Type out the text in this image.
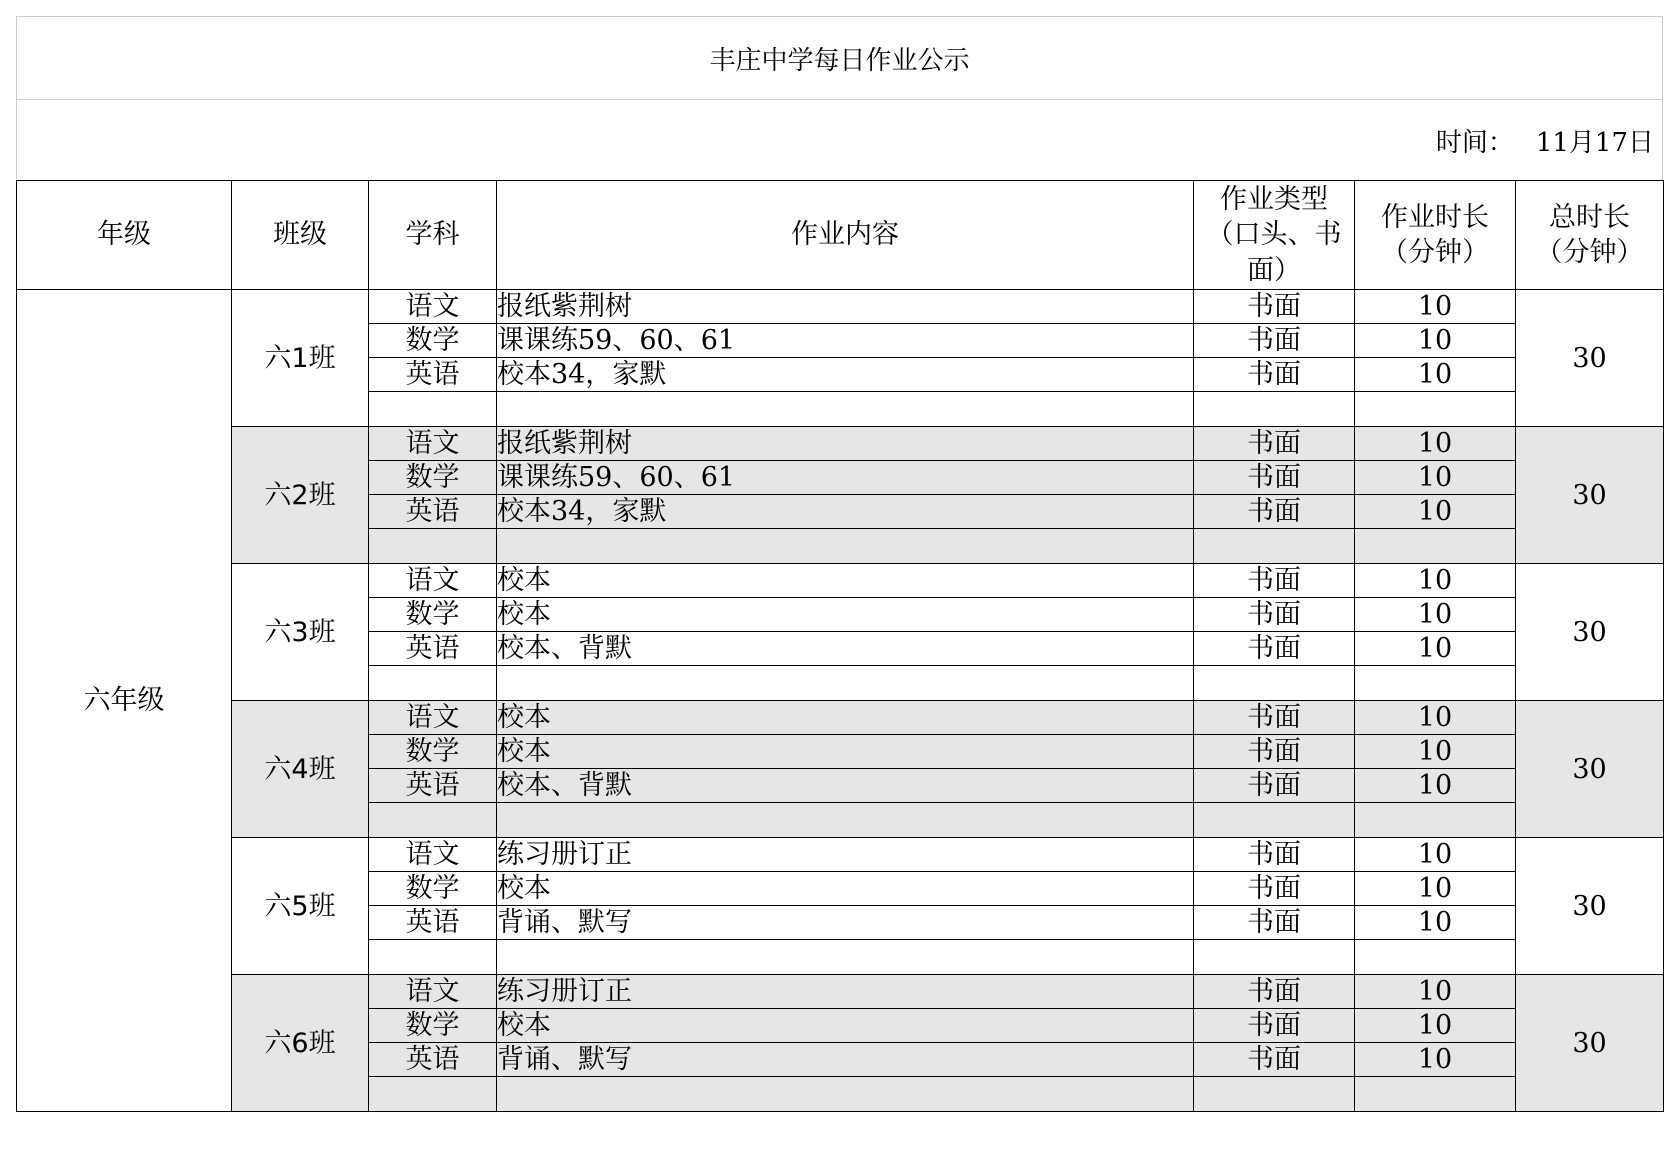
丰庄中学每日作业公示
时间： 11月17日
年级	班级	学科	作业内容	作业类型（口头、书面）	作业时长（分钟）	总时长（分钟）
六年级	六1班	语文	报纸紫荆树	书面	10	30
		数学	课课练59、60、61	书面	10	
		英语	校本34，家默	书面	10	

	六2班	语文	报纸紫荆树	书面	10	30
		数学	课课练59、60、61	书面	10	
		英语	校本34，家默	书面	10	

	六3班	语文	校本	书面	10	30
		数学	校本	书面	10	
		英语	校本、背默	书面	10	

	六4班	语文	校本	书面	10	30
		数学	校本	书面	10	
		英语	校本、背默	书面	10	

	六5班	语文	练习册订正	书面	10	30
		数学	校本	书面	10	
		英语	背诵、默写	书面	10	

	六6班	语文	练习册订正	书面	10	30
		数学	校本	书面	10	
		英语	背诵、默写	书面	10	
